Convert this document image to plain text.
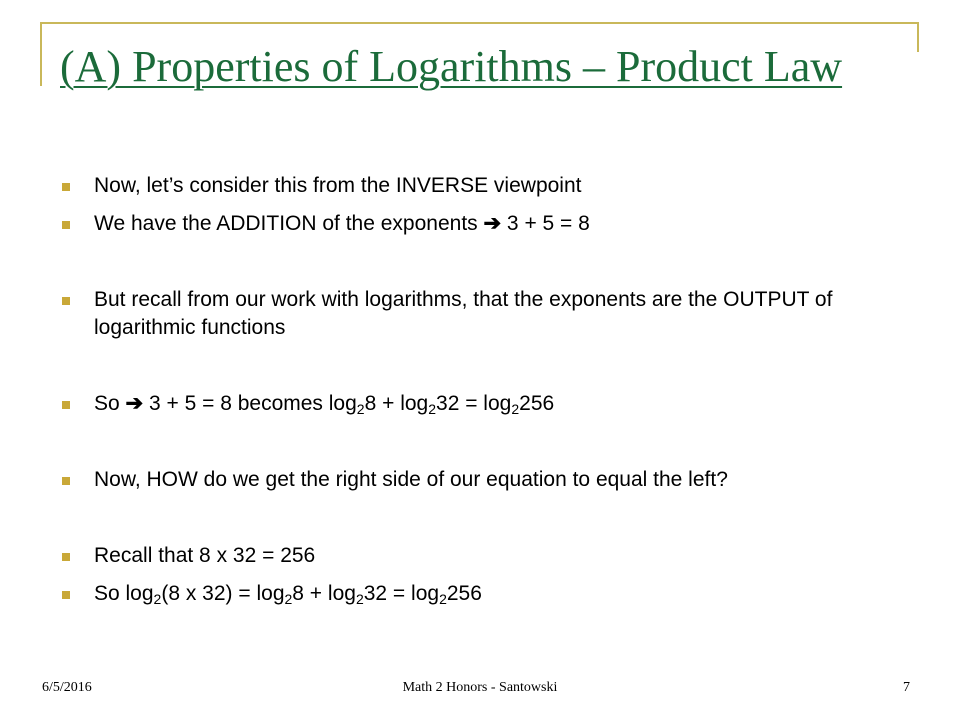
(A) Properties of Logarithms – Product Law
Now, let’s consider this from the INVERSE viewpoint
We have the ADDITION of the exponents ➔ 3 + 5 = 8
But recall from our work with logarithms, that the exponents are the OUTPUT of logarithmic functions
So ➔ 3 + 5 = 8 becomes $\log_28 + \log_232 = \log_2256$
Now, HOW do we get the right side of our equation to equal the left?
Recall that 8 x 32 = 256
So $\log_2(8$ x $32) = \log_28 + \log_232 = \log_2256$
6/5/2016	Math 2 Honors - Santowski	7
